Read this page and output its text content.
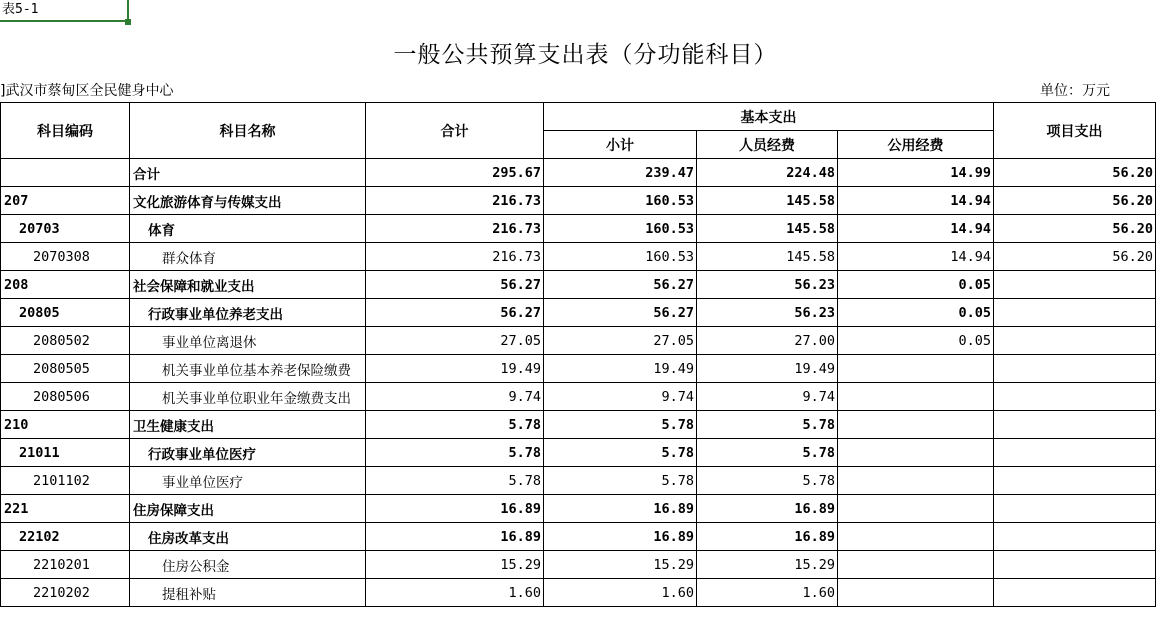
表5-1
一般公共预算支出表（分功能科目）
]武汉市蔡甸区全民健身中心	单位：万元
科目编码	科目名称	合计	基本支出			项目支出
			小计	人员经费	公用经费	
	合计	295.67	239.47	224.48	14.99	56.20
207	文化旅游体育与传媒支出	216.73	160.53	145.58	14.94	56.20
20703	体育	216.73	160.53	145.58	14.94	56.20
2070308	群众体育	216.73	160.53	145.58	14.94	56.20
208	社会保障和就业支出	56.27	56.27	56.23	0.05	
20805	行政事业单位养老支出	56.27	56.27	56.23	0.05	
2080502	事业单位离退休	27.05	27.05	27.00	0.05	
2080505	机关事业单位基本养老保险缴费	19.49	19.49	19.49		
2080506	机关事业单位职业年金缴费支出	9.74	9.74	9.74		
210	卫生健康支出	5.78	5.78	5.78		
21011	行政事业单位医疗	5.78	5.78	5.78		
2101102	事业单位医疗	5.78	5.78	5.78		
221	住房保障支出	16.89	16.89	16.89		
22102	住房改革支出	16.89	16.89	16.89		
2210201	住房公积金	15.29	15.29	15.29		
2210202	提租补贴	1.60	1.60	1.60		
